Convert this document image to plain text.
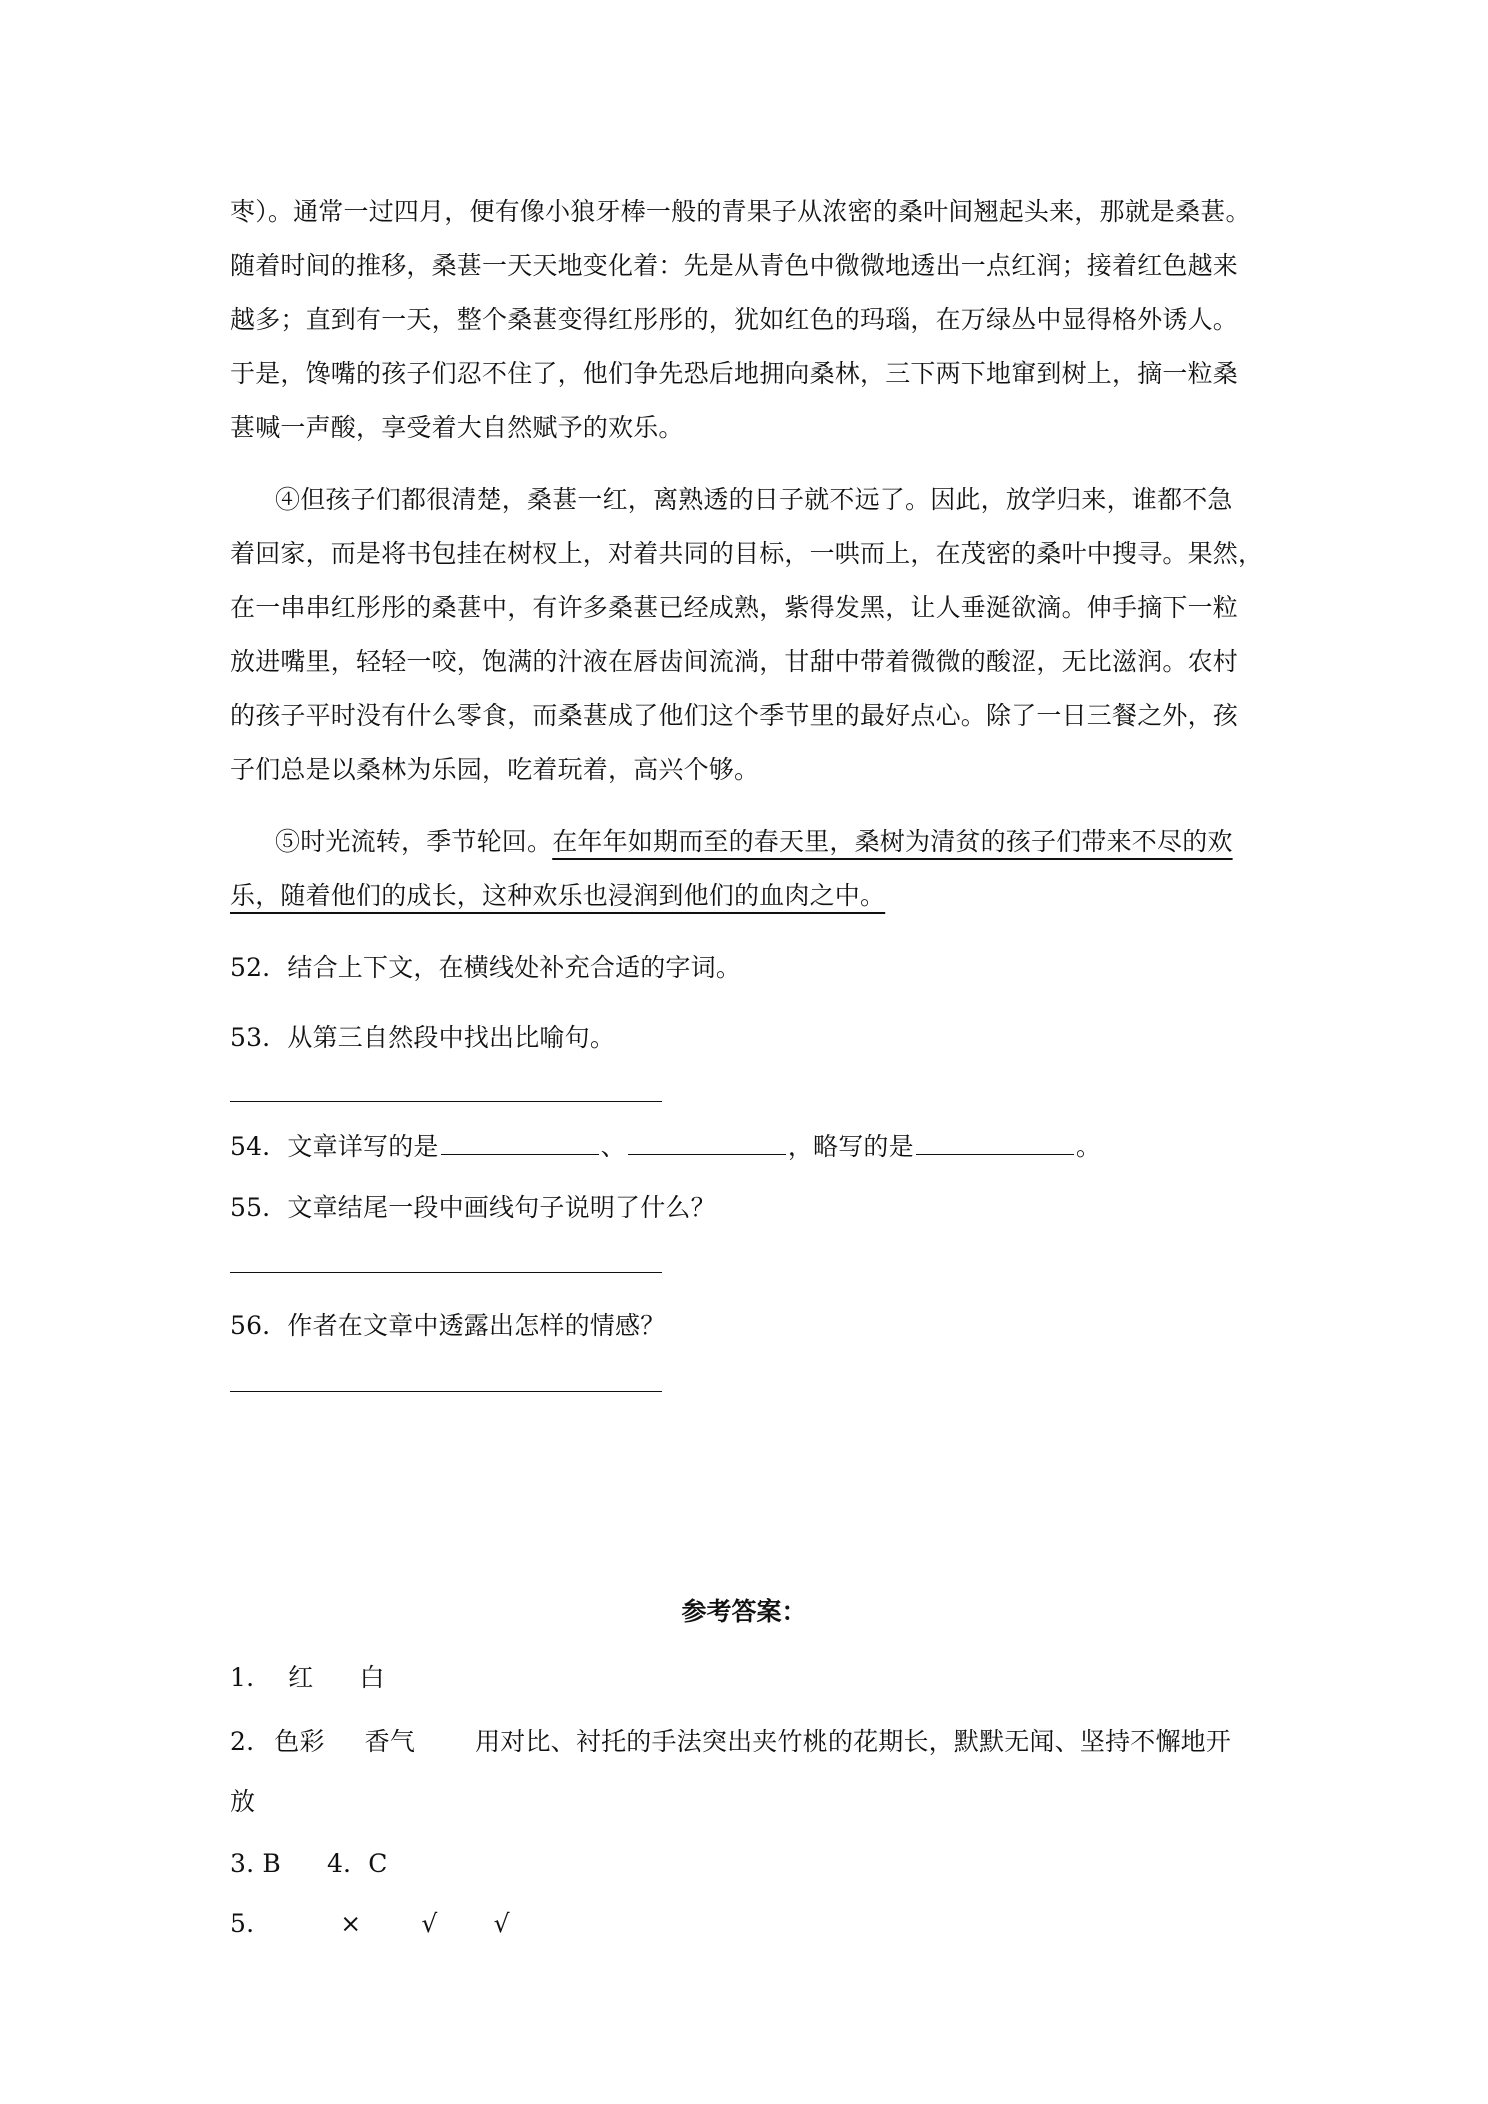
枣）。通常一过四月，便有像小狼牙棒一般的青果子从浓密的桑叶间翘起头来，那就是桑葚。
随着时间的推移，桑葚一天天地变化着：先是从青色中微微地透出一点红润；接着红色越来
越多；直到有一天，整个桑葚变得红彤彤的，犹如红色的玛瑙，在万绿丛中显得格外诱人。
于是，馋嘴的孩子们忍不住了，他们争先恐后地拥向桑林，三下两下地窜到树上，摘一粒桑
葚喊一声酸，享受着大自然赋予的欢乐。
④但孩子们都很清楚，桑葚一红，离熟透的日子就不远了。因此，放学归来，谁都不急
着回家，而是将书包挂在树杈上，对着共同的目标，一哄而上，在茂密的桑叶中搜寻。果然，
在一串串红彤彤的桑葚中，有许多桑葚已经成熟，紫得发黑，让人垂涎欲滴。伸手摘下一粒
放进嘴里，轻轻一咬，饱满的汁液在唇齿间流淌，甘甜中带着微微的酸涩，无比滋润。农村
的孩子平时没有什么零食，而桑葚成了他们这个季节里的最好点心。除了一日三餐之外，孩
子们总是以桑林为乐园，吃着玩着，高兴个够。
⑤时光流转，季节轮回。在年年如期而至的春天里，桑树为清贫的孩子们带来不尽的欢
乐，随着他们的成长，这种欢乐也浸润到他们的血肉之中。
52．结合上下文，在横线处补充合适的字词。
53．从第三自然段中找出比喻句。
54．文章详写的是	、	，略写的是	。
55．文章结尾一段中画线句子说明了什么？
56．作者在文章中透露出怎样的情感？
参考答案：
1. 红 白
2. 色彩 香气 用对比、衬托的手法突出夹竹桃的花期长，默默无闻、坚持不懈地开
放
3. B 4．C
5.	× √ √
